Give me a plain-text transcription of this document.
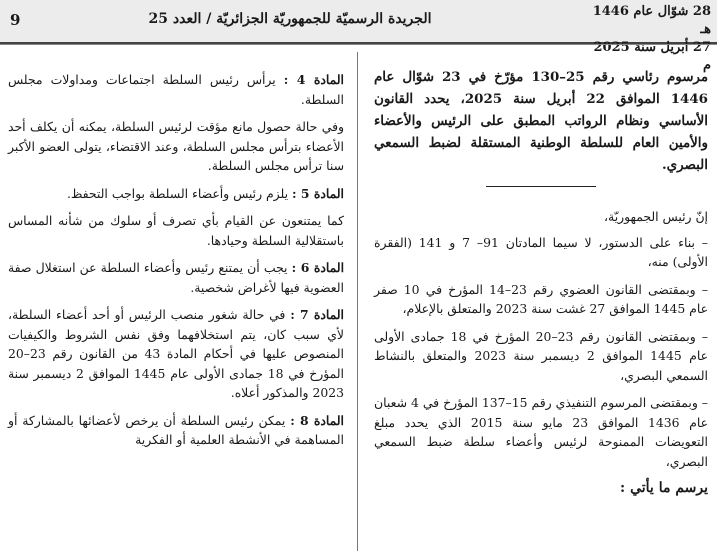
9	الجريدة الرسميّة للجمهوريّة الجزائريّة / العدد 25	28 شوّال عام 1446 هـ
27 أبريل سنة 2025 م
مرسوم رئاسي رقم 25–130 مؤرّخ في 23 شوّال عام 1446 الموافق 22 أبريل سنة 2025، يحدد القانون الأساسي ونظام الرواتب المطبق على الرئيس والأعضاء والأمين العام للسلطة الوطنية المستقلة لضبط السمعي البصري.
إنّ رئيس الجمهوريّة،
– بناء على الدستور، لا سيما المادتان 91– 7 و 141 (الفقرة الأولى) منه،
– وبمقتضى القانون العضوي رقم 23–14 المؤرخ في 10 صفر عام 1445 الموافق 27 غشت سنة 2023 والمتعلق بالإعلام،
– وبمقتضى القانون رقم 23–20 المؤرخ في 18 جمادى الأولى عام 1445 الموافق 2 ديسمبر سنة 2023 والمتعلق بالنشاط السمعي البصري،
– وبمقتضى المرسوم التنفيذي رقم 15–137 المؤرخ في 4 شعبان عام 1436 الموافق 23 مايو سنة 2015 الذي يحدد مبلغ التعويضات الممنوحة لرئيس وأعضاء سلطة ضبط السمعي البصري،
يرسم ما يأتي :
المادة 4 : يرأس رئيس السلطة اجتماعات ومداولات مجلس السلطة.
وفي حالة حصول مانع مؤقت لرئيس السلطة، يمكنه أن يكلف أحد الأعضاء بترأس مجلس السلطة، وعند الاقتضاء، يتولى العضو الأكبر سنا ترأس مجلس السلطة.
المادة 5 : يلزم رئيس وأعضاء السلطة بواجب التحفظ.
كما يمتنعون عن القيام بأي تصرف أو سلوك من شأنه المساس باستقلالية السلطة وحيادها.
المادة 6 : يجب أن يمتنع رئيس وأعضاء السلطة عن استغلال صفة العضوية فيها لأغراض شخصية.
المادة 7 : في حالة شغور منصب الرئيس أو أحد أعضاء السلطة، لأي سبب كان، يتم استخلافهما وفق نفس الشروط والكيفيات المنصوص عليها في أحكام المادة 43 من القانون رقم 23–20 المؤرخ في 18 جمادى الأولى عام 1445 الموافق 2 ديسمبر سنة 2023 والمذكور أعلاه.
المادة 8 : يمكن رئيس السلطة أن يرخص لأعضائها بالمشاركة أو المساهمة في الأنشطة العلمية أو الفكرية
